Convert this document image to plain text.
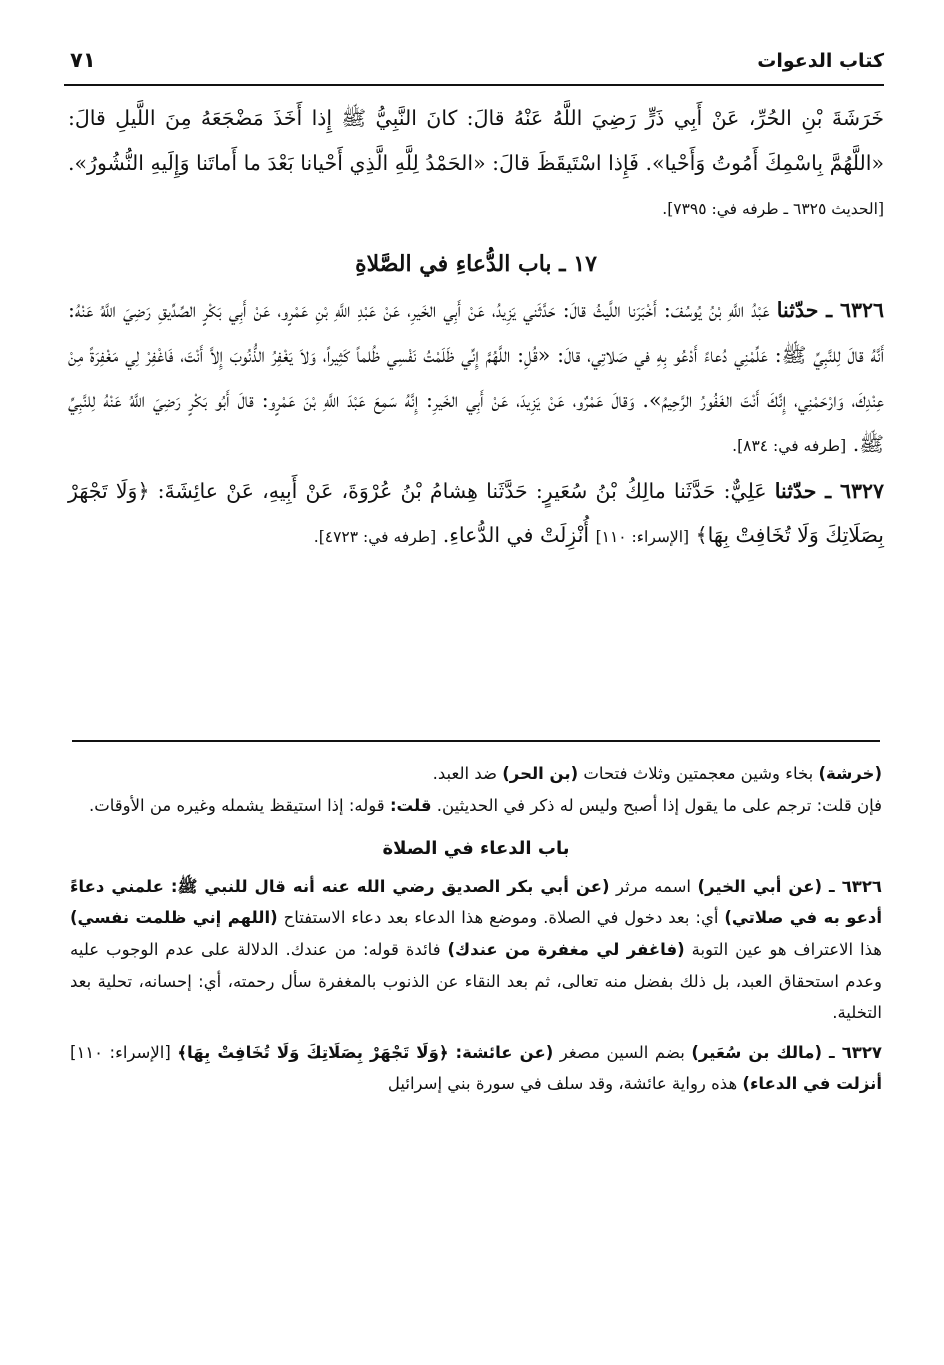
كتاب الدعوات
٧١

خَرَشَةَ بْنِ الحُرِّ، عَنْ أَبِي ذَرٍّ رَضِيَ اللَّهُ عَنْهُ قالَ: كانَ النَّبِيُّ ﷺ إِذا أَخَذَ مَضْجَعَهُ مِنَ اللَّيلِ قالَ: «اللَّهُمَّ بِاسْمِكَ أَمُوتُ وَأَحْيا». فَإِذا اسْتَيقَظَ قالَ: «الحَمْدُ لِلَّهِ الَّذِي أَحْيانا بَعْدَ ما أَماتَنا وَإِلَيهِ النُّشُورُ». [الحديث ٦٣٢٥ ـ طرفه في: ٧٣٩٥].

١٧ ـ باب الدُّعاءِ في الصَّلاةِ

٦٣٢٦ ـ حدّثنا عَبْدُ اللَّهِ بْنُ يُوسُفَ: أَخْبَرَنا اللَّيثُ قالَ: حَدَّثَني يَزِيدُ، عَنْ أَبِي الخَيرِ، عَنْ عَبْدِ اللَّهِ بْنِ عَمْرٍو، عَنْ أَبِي بَكْرٍ الصِّدِّيقِ رَضِيَ اللَّهُ عَنْهُ: أَنَّهُ قالَ لِلنَّبِيِّ ﷺ: عَلِّمْنِي دُعاءً أَدْعُو بِهِ في صَلاتِي، قالَ: «قُلِ: اللَّهُمَّ إِنِّي ظَلَمْتُ نَفْسِي ظُلماً كَثِيراً، وَلاَ يَغْفِرُ الذُّنُوبَ إِلاَّ أَنْتَ، فَاغْفِرْ لِي مَغْفِرَةً مِنْ عِنْدِكَ، وَارْحَمْنِي، إِنَّكَ أَنْتَ الغَفُورُ الرَّحِيمُ». وَقالَ عَمْرٌو، عَنْ يَزِيدَ، عَنْ أَبِي الخَيرِ: إِنَّهُ سَمِعَ عَبْدَ اللَّهِ بْنَ عَمْرٍو: قالَ أَبُو بَكْرٍ رَضِيَ اللَّهُ عَنْهُ لِلنَّبِيِّ ﷺ. [طرفه في: ٨٣٤].

٦٣٢٧ ـ حدّثنا عَلِيٌّ: حَدَّثَنا مالِكُ بْنُ سُعَيرٍ: حَدَّثَنا هِشامُ بْنُ عُرْوَةَ، عَنْ أَبِيهِ، عَنْ عائِشَةَ: ﴿وَلَا تَجْهَرْ بِصَلَاتِكَ وَلَا تُخَافِتْ بِهَا﴾ [الإسراء: ١١٠] أُنْزِلَتْ في الدُّعاءِ. [طرفه في: ٤٧٢٣].

(خرشة) بخاء وشين معجمتين وثلاث فتحات (بن الحر) ضد العبد.

فإن قلت: ترجم على ما يقول إذا أصبح وليس له ذكر في الحديثين. قلت: قوله: إذا استيقظ يشمله وغيره من الأوقات.

باب الدعاء في الصلاة

٦٣٢٦ ـ (عن أبي الخير) اسمه مرثر (عن أبي بكر الصديق رضي الله عنه أنه قال للنبي ﷺ: علمني دعاءً أدعو به في صلاتي) أي: بعد دخول في الصلاة. وموضع هذا الدعاء بعد دعاء الاستفتاح (اللهم إني ظلمت نفسي) هذا الاعتراف هو عين التوبة (فاغفر لي مغفرة من عندك) فائدة قوله: من عندك. الدلالة على عدم الوجوب عليه وعدم استحقاق العبد، بل ذلك بفضل منه تعالى، ثم بعد النقاء عن الذنوب بالمغفرة سأل رحمته، أي: إحسانه، تحلية بعد التخلية.

٦٣٢٧ ـ (مالك بن سُعَير) بضم السين مصغر (عن عائشة: ﴿وَلَا تَجْهَرْ بِصَلَاتِكَ وَلَا تُخَافِتْ بِهَا﴾ [الإسراء: ١١٠] أنزلت في الدعاء) هذه رواية عائشة، وقد سلف في سورة بني إسرائيل
